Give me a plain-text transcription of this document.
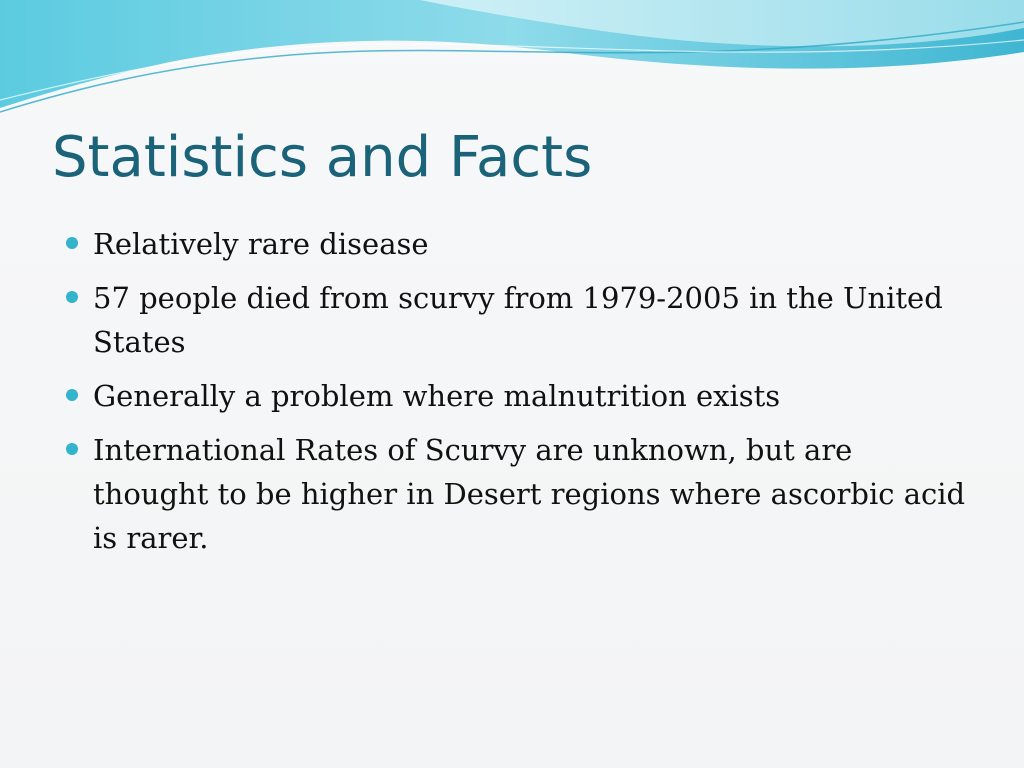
Statistics and Facts
Relatively rare disease
57 people died from scurvy from 1979-2005 in the United States
Generally a problem where malnutrition exists
International Rates of Scurvy are unknown, but are thought to be higher in Desert regions where ascorbic acid is rarer.
